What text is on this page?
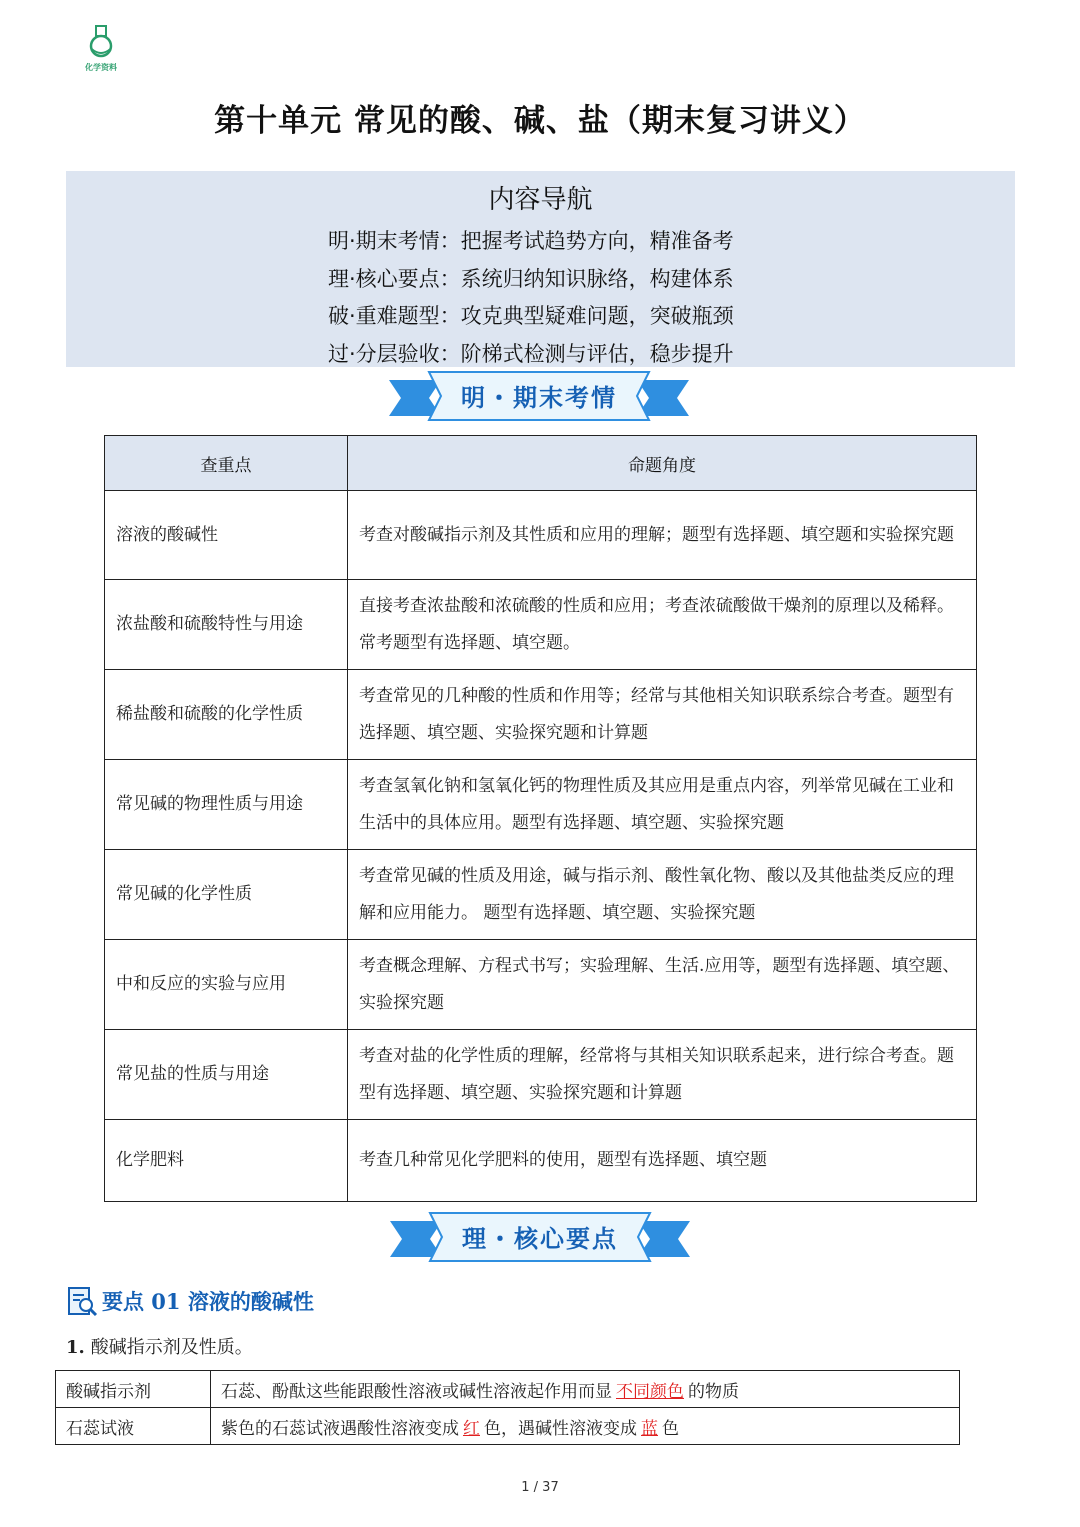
化学资料
第十单元 常见的酸、碱、盐（期末复习讲义）
内容导航
明·期末考情：把握考试趋势方向，精准备考
理·核心要点：系统归纳知识脉络，构建体系
破·重难题型：攻克典型疑难问题，突破瓶颈
过·分层验收：阶梯式检测与评估，稳步提升
明・期末考情
查重点	命题角度
溶液的酸碱性	考查对酸碱指示剂及其性质和应用的理解；题型有选择题、填空题和实验探究题
浓盐酸和硫酸特性与用途	直接考查浓盐酸和浓硫酸的性质和应用；考查浓硫酸做干燥剂的原理以及稀释。常考题型有选择题、填空题。
稀盐酸和硫酸的化学性质	考查常见的几种酸的性质和作用等；经常与其他相关知识联系综合考查。题型有选择题、填空题、实验探究题和计算题
常见碱的物理性质与用途	考查氢氧化钠和氢氧化钙的物理性质及其应用是重点内容，列举常见碱在工业和生活中的具体应用。题型有选择题、填空题、实验探究题
常见碱的化学性质	考查常见碱的性质及用途，碱与指示剂、酸性氧化物、酸以及其他盐类反应的理解和应用能力。 题型有选择题、填空题、实验探究题
中和反应的实验与应用	考查概念理解、方程式书写；实验理解、生活.应用等，题型有选择题、填空题、实验探究题
常见盐的性质与用途	考查对盐的化学性质的理解，经常将与其相关知识联系起来，进行综合考查。题型有选择题、填空题、实验探究题和计算题
化学肥料	考查几种常见化学肥料的使用，题型有选择题、填空题
理・核心要点
要点 01 溶液的酸碱性
1. 酸碱指示剂及性质。
酸碱指示剂	石蕊、酚酞这些能跟酸性溶液或碱性溶液起作用而显 不同颜色 的物质
石蕊试液	紫色的石蕊试液遇酸性溶液变成 红 色，遇碱性溶液变成 蓝 色
1 / 37
